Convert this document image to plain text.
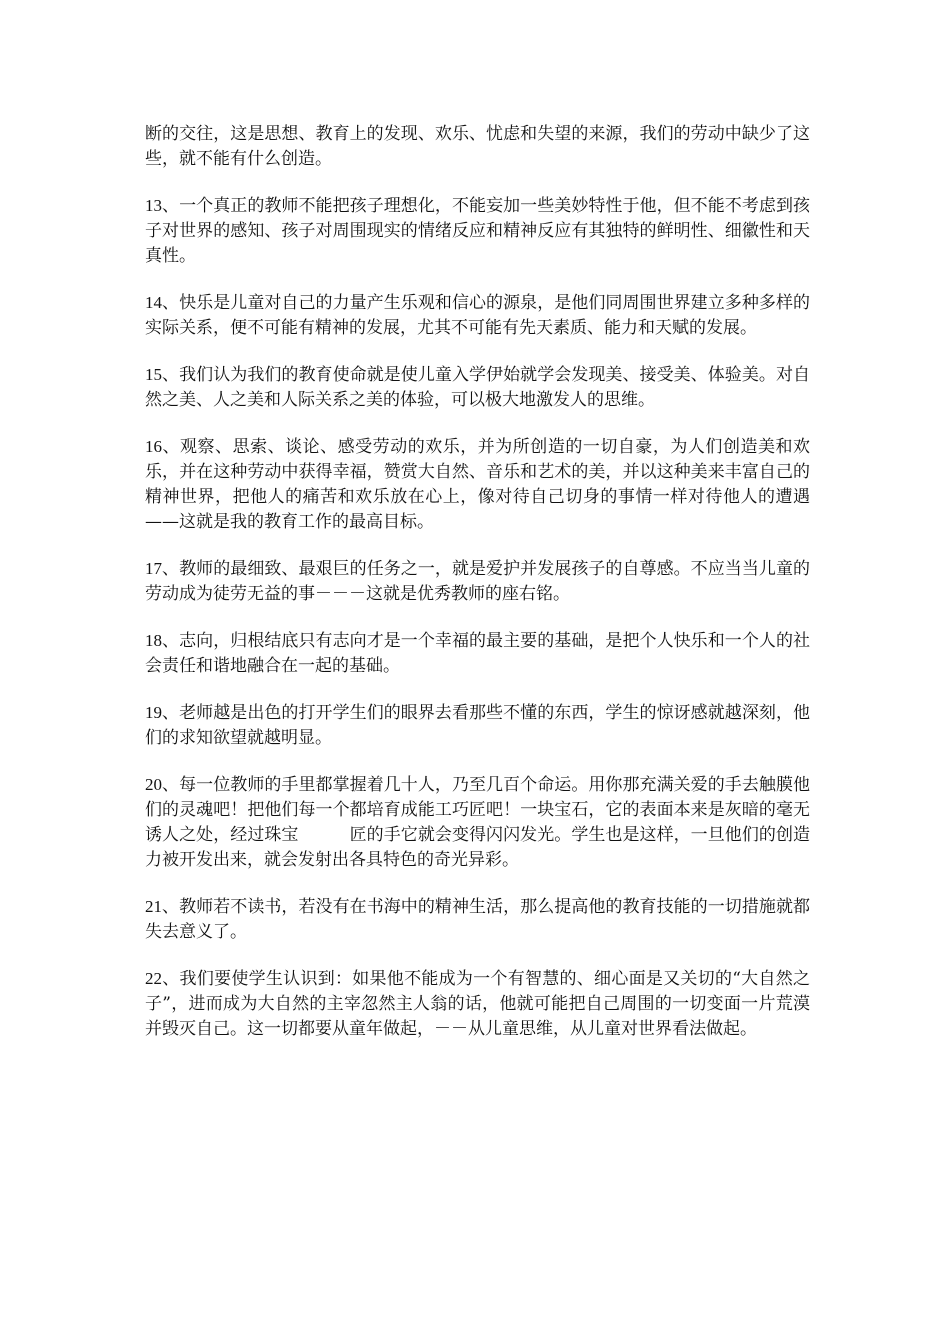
断的交往，这是思想、教育上的发现、欢乐、忧虑和失望的来源，我们的劳动中缺少了这些，就不能有什么创造。

13、一个真正的教师不能把孩子理想化，不能妄加一些美妙特性于他，但不能不考虑到孩子对世界的感知、孩子对周围现实的情绪反应和精神反应有其独特的鲜明性、细徽性和天真性。

14、快乐是儿童对自己的力量产生乐观和信心的源泉，是他们同周围世界建立多种多样的实际关系，便不可能有精神的发展，尤其不可能有先天素质、能力和天赋的发展。

15、我们认为我们的教育使命就是使儿童入学伊始就学会发现美、接受美、体验美。对自然之美、人之美和人际关系之美的体验，可以极大地激发人的思维。

16、观察、思索、谈论、感受劳动的欢乐，并为所创造的一切自豪，为人们创造美和欢乐，并在这种劳动中获得幸福，赞赏大自然、音乐和艺术的美，并以这种美来丰富自己的精神世界，把他人的痛苦和欢乐放在心上，像对待自己切身的事情一样对待他人的遭遇——这就是我的教育工作的最高目标。

17、教师的最细致、最艰巨的任务之一，就是爱护并发展孩子的自尊感。不应当当儿童的劳动成为徒劳无益的事－－－这就是优秀教师的座右铭。

18、志向，归根结底只有志向才是一个幸福的最主要的基础，是把个人快乐和一个人的社会责任和谐地融合在一起的基础。

19、老师越是出色的打开学生们的眼界去看那些不懂的东西，学生的惊讶感就越深刻，他们的求知欲望就越明显。

20、每一位教师的手里都掌握着几十人，乃至几百个命运。用你那充满关爱的手去触膜他们的灵魂吧！把他们每一个都培育成能工巧匠吧！一块宝石，它的表面本来是灰暗的毫无诱人之处，经过珠宝　　　匠的手它就会变得闪闪发光。学生也是这样，一旦他们的创造力被开发出来，就会发射出各具特色的奇光异彩。

21、教师若不读书，若没有在书海中的精神生活，那么提高他的教育技能的一切措施就都失去意义了。

22、我们要使学生认识到：如果他不能成为一个有智慧的、细心面是又关切的“大自然之子”，进而成为大自然的主宰忽然主人翁的话，他就可能把自己周围的一切变面一片荒漠并毁灭自己。这一切都要从童年做起，－－从儿童思维，从儿童对世界看法做起。
